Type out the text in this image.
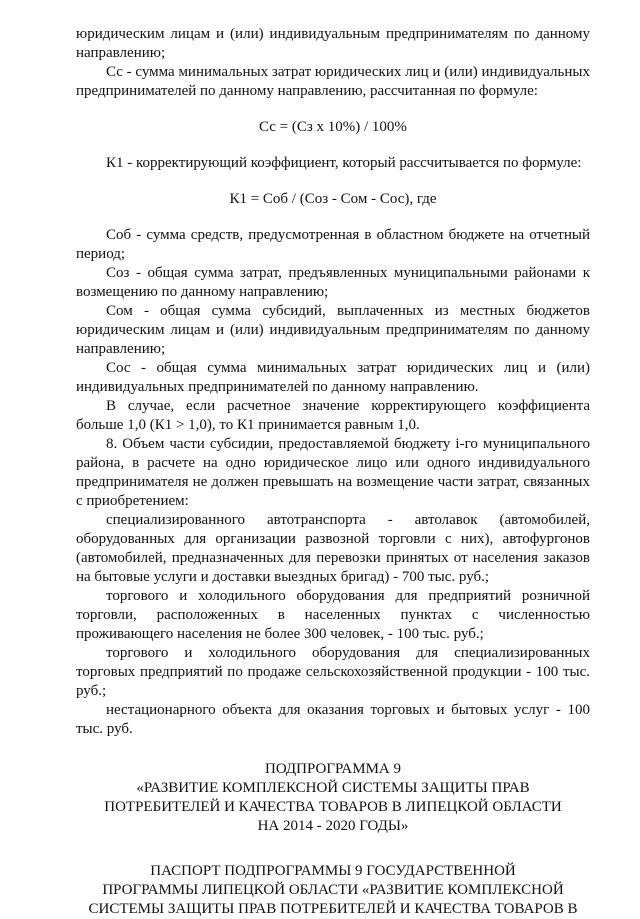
юридическим лицам и (или) индивидуальным предпринимателям по данному направлению;

Сс - сумма минимальных затрат юридических лиц и (или) индивидуальных предпринимателей по данному направлению, рассчитанная по формуле:

Сс = (Сз x 10%) / 100%

К1 - корректирующий коэффициент, который рассчитывается по формуле:

К1 = Соб / (Соз - Сом - Сос), где

Соб - сумма средств, предусмотренная в областном бюджете на отчетный период;

Соз - общая сумма затрат, предъявленных муниципальными районами к возмещению по данному направлению;

Сом - общая сумма субсидий, выплаченных из местных бюджетов юридическим лицам и (или) индивидуальным предпринимателям по данному направлению;

Сос - общая сумма минимальных затрат юридических лиц и (или) индивидуальных предпринимателей по данному направлению.

В случае, если расчетное значение корректирующего коэффициента больше 1,0 (К1 > 1,0), то К1 принимается равным 1,0.

8. Объем части субсидии, предоставляемой бюджету i-го муниципального района, в расчете на одно юридическое лицо или одного индивидуального предпринимателя не должен превышать на возмещение части затрат, связанных с приобретением:

специализированного автотранспорта - автолавок (автомобилей, оборудованных для организации развозной торговли с них), автофургонов (автомобилей, предназначенных для перевозки принятых от населения заказов на бытовые услуги и доставки выездных бригад) - 700 тыс. руб.;

торгового и холодильного оборудования для предприятий розничной торговли, расположенных в населенных пунктах с численностью проживающего населения не более 300 человек, - 100 тыс. руб.;

торгового и холодильного оборудования для специализированных торговых предприятий по продаже сельскохозяйственной продукции - 100 тыс. руб.;

нестационарного объекта для оказания торговых и бытовых услуг - 100 тыс. руб.

ПОДПРОГРАММА 9
«РАЗВИТИЕ КОМПЛЕКСНОЙ СИСТЕМЫ ЗАЩИТЫ ПРАВ
ПОТРЕБИТЕЛЕЙ И КАЧЕСТВА ТОВАРОВ В ЛИПЕЦКОЙ ОБЛАСТИ
НА 2014 - 2020 ГОДЫ»
ПАСПОРТ ПОДПРОГРАММЫ 9 ГОСУДАРСТВЕННОЙ
ПРОГРАММЫ ЛИПЕЦКОЙ ОБЛАСТИ «РАЗВИТИЕ КОМПЛЕКСНОЙ
СИСТЕМЫ ЗАЩИТЫ ПРАВ ПОТРЕБИТЕЛЕЙ И КАЧЕСТВА ТОВАРОВ В
